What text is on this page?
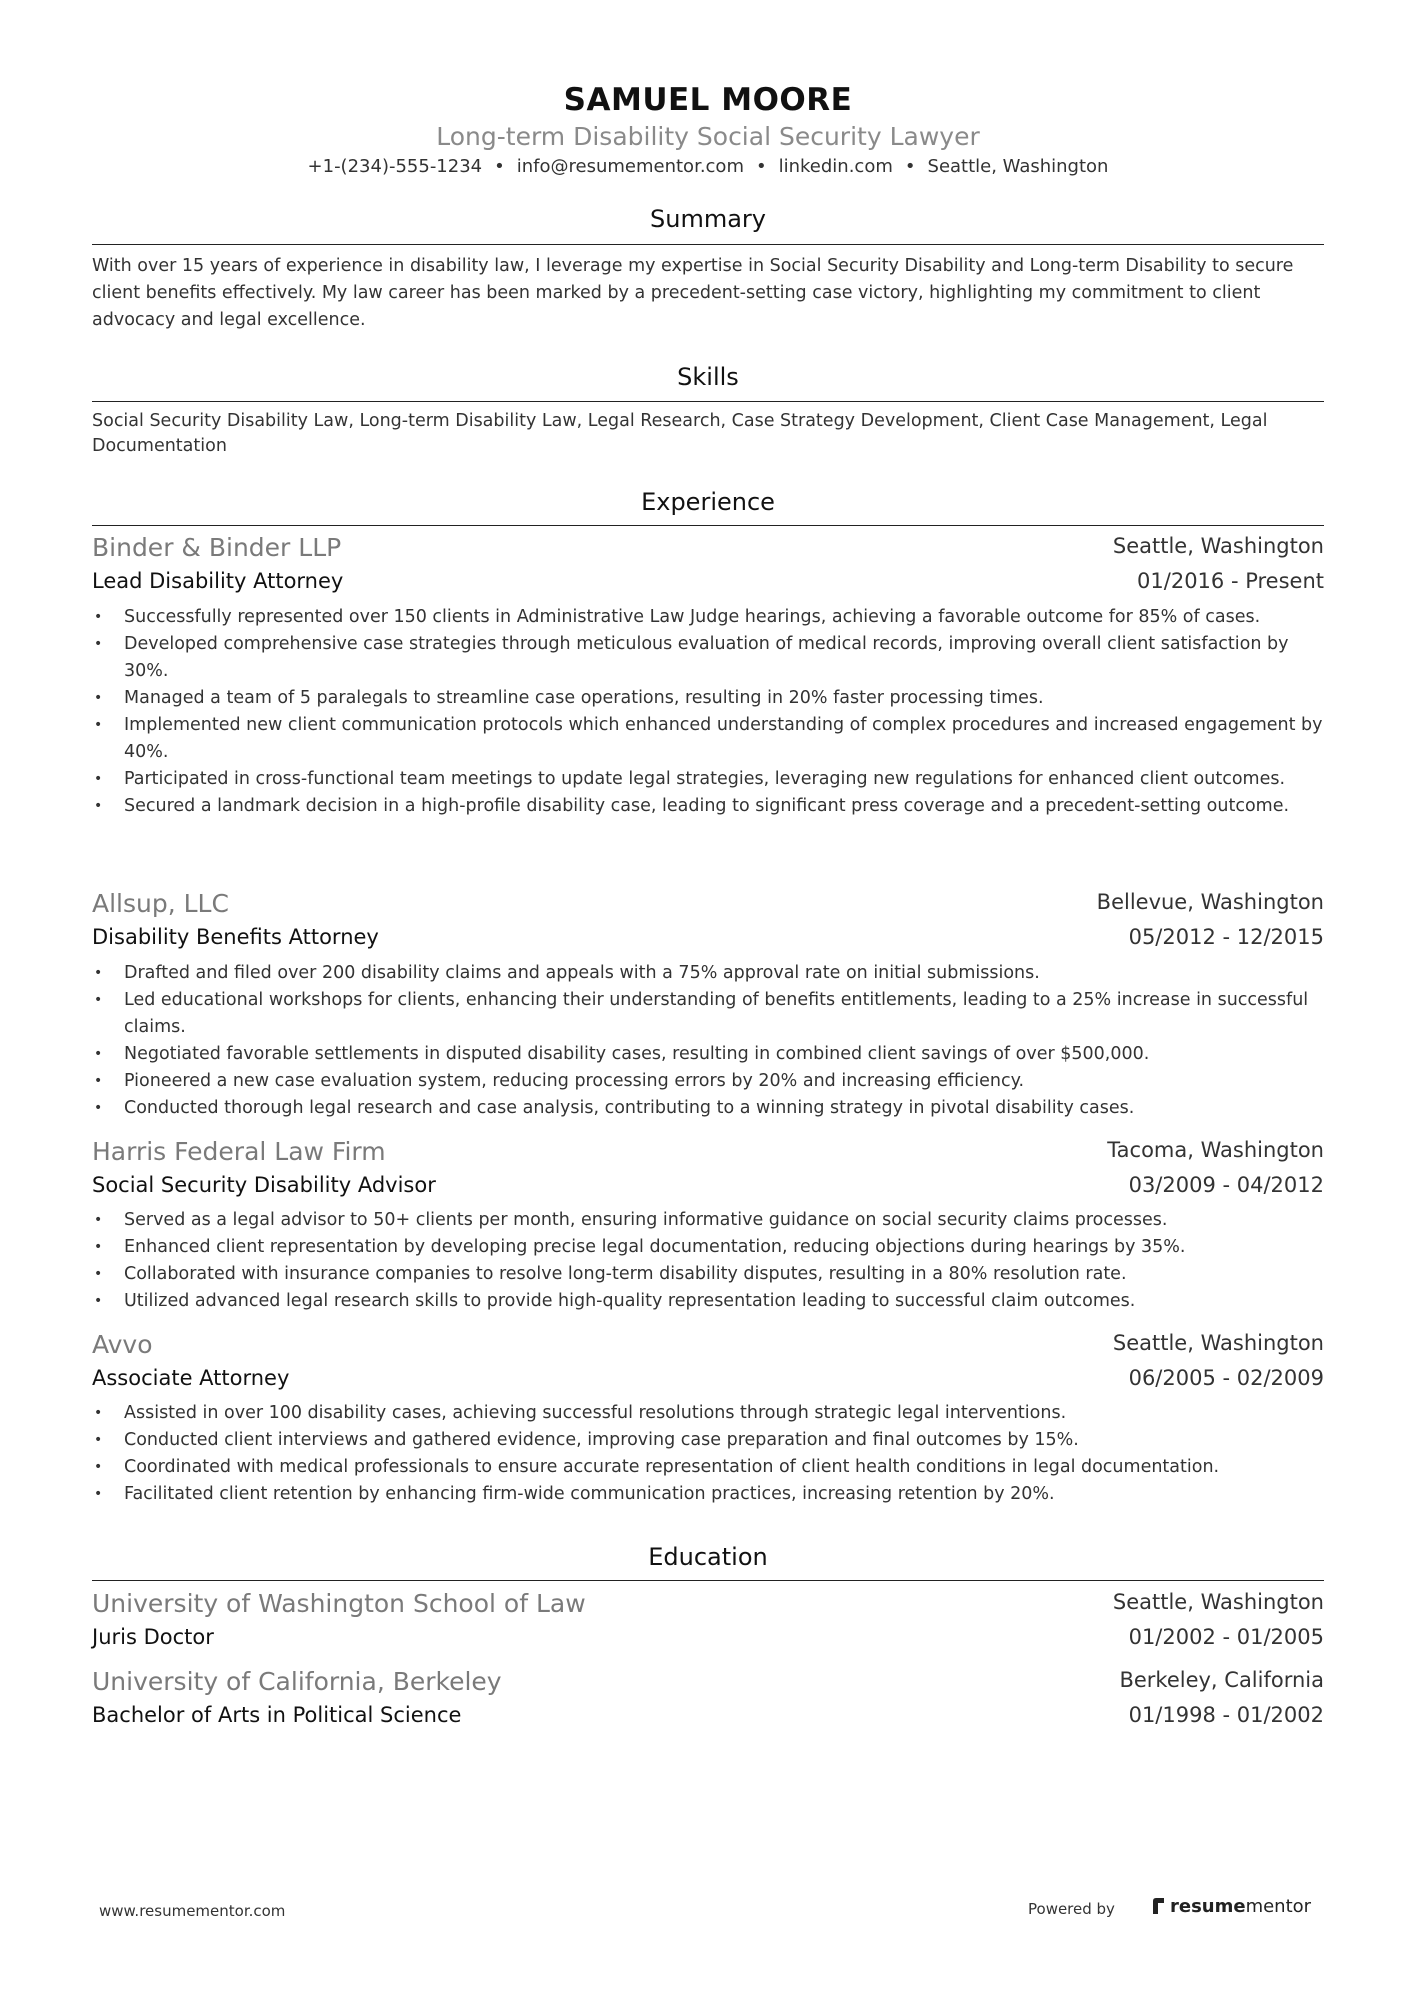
SAMUEL MOORE
Long-term Disability Social Security Lawyer
+1-(234)-555-1234 • info@resumementor.com • linkedin.com • Seattle, Washington
Summary
With over 15 years of experience in disability law, I leverage my expertise in Social Security Disability and Long-term Disability to secure client benefits effectively. My law career has been marked by a precedent-setting case victory, highlighting my commitment to client advocacy and legal excellence.
Skills
Social Security Disability Law, Long-term Disability Law, Legal Research, Case Strategy Development, Client Case Management, Legal Documentation
Experience
Binder & Binder LLP	Seattle, Washington
Lead Disability Attorney	01/2016 - Present
• Successfully represented over 150 clients in Administrative Law Judge hearings, achieving a favorable outcome for 85% of cases.
• Developed comprehensive case strategies through meticulous evaluation of medical records, improving overall client satisfaction by 30%.
• Managed a team of 5 paralegals to streamline case operations, resulting in 20% faster processing times.
• Implemented new client communication protocols which enhanced understanding of complex procedures and increased engagement by 40%.
• Participated in cross-functional team meetings to update legal strategies, leveraging new regulations for enhanced client outcomes.
• Secured a landmark decision in a high-profile disability case, leading to significant press coverage and a precedent-setting outcome.
Allsup, LLC	Bellevue, Washington
Disability Benefits Attorney	05/2012 - 12/2015
• Drafted and filed over 200 disability claims and appeals with a 75% approval rate on initial submissions.
• Led educational workshops for clients, enhancing their understanding of benefits entitlements, leading to a 25% increase in successful claims.
• Negotiated favorable settlements in disputed disability cases, resulting in combined client savings of over $500,000.
• Pioneered a new case evaluation system, reducing processing errors by 20% and increasing efficiency.
• Conducted thorough legal research and case analysis, contributing to a winning strategy in pivotal disability cases.
Harris Federal Law Firm	Tacoma, Washington
Social Security Disability Advisor	03/2009 - 04/2012
• Served as a legal advisor to 50+ clients per month, ensuring informative guidance on social security claims processes.
• Enhanced client representation by developing precise legal documentation, reducing objections during hearings by 35%.
• Collaborated with insurance companies to resolve long-term disability disputes, resulting in a 80% resolution rate.
• Utilized advanced legal research skills to provide high-quality representation leading to successful claim outcomes.
Avvo	Seattle, Washington
Associate Attorney	06/2005 - 02/2009
• Assisted in over 100 disability cases, achieving successful resolutions through strategic legal interventions.
• Conducted client interviews and gathered evidence, improving case preparation and final outcomes by 15%.
• Coordinated with medical professionals to ensure accurate representation of client health conditions in legal documentation.
• Facilitated client retention by enhancing firm-wide communication practices, increasing retention by 20%.
Education
University of Washington School of Law	Seattle, Washington
Juris Doctor	01/2002 - 01/2005
University of California, Berkeley	Berkeley, California
Bachelor of Arts in Political Science	01/1998 - 01/2002
www.resumementor.com	Powered by	resumementor
